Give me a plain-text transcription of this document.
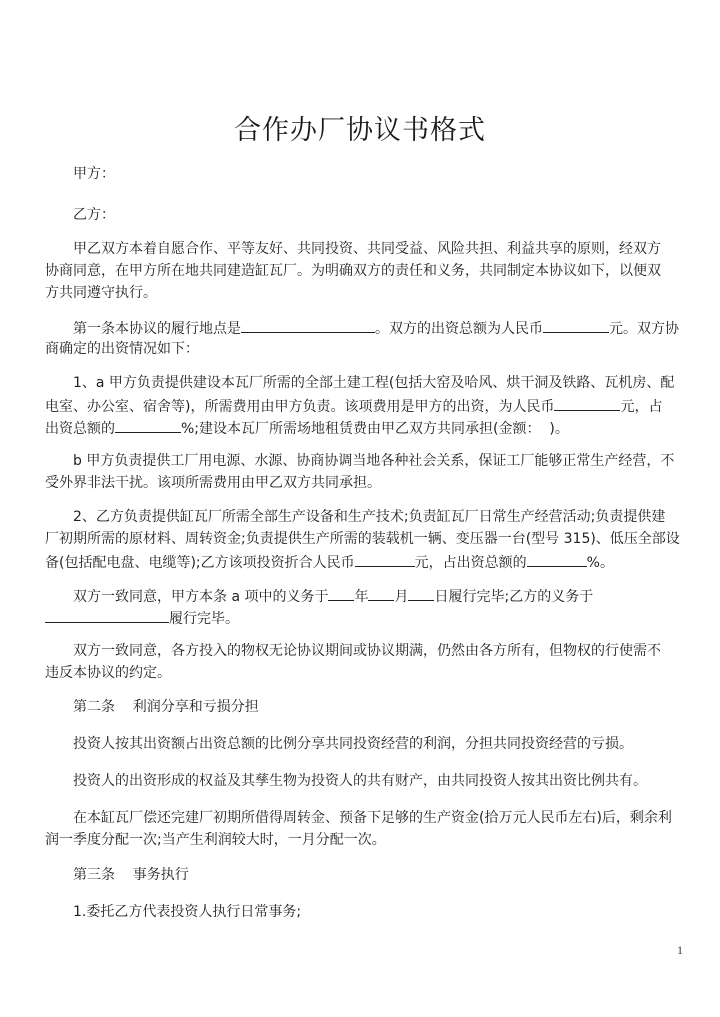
合作办厂协议书格式
甲方：
乙方：
甲乙双方本着自愿合作、平等友好、共同投资、共同受益、风险共担、利益共享的原则，经双方
协商同意，在甲方所在地共同建造缸瓦厂。为明确双方的责任和义务，共同制定本协议如下，以便双
方共同遵守执行。
第一条本协议的履行地点是	。双方的出资总额为人民币	元。双方协
商确定的出资情况如下：
1、a 甲方负责提供建设本瓦厂所需的全部土建工程(包括大窑及哈风、烘干洞及铁路、瓦机房、配
电室、办公室、宿舍等)，所需费用由甲方负责。该项费用是甲方的出资，为人民币	元，占
出资总额的	%;建设本瓦厂所需场地租赁费由甲乙双方共同承担(金额：  )。
b 甲方负责提供工厂用电源、水源、协商协调当地各种社会关系，保证工厂能够正常生产经营，不
受外界非法干扰。该项所需费用由甲乙双方共同承担。
2、乙方负责提供缸瓦厂所需全部生产设备和生产技术;负责缸瓦厂日常生产经营活动;负责提供建
厂初期所需的原材料、周转资金;负责提供生产所需的装载机一辆、变压器一台(型号 315)、低压全部设
备(包括配电盘、电缆等);乙方该项投资折合人民币	元，占出资总额的	%。
双方一致同意，甲方本条 a 项中的义务于 年 月 日履行完毕;乙方的义务于
履行完毕。
双方一致同意，各方投入的物权无论协议期间或协议期满，仍然由各方所有，但物权的行使需不
违反本协议的约定。
第二条    利润分享和亏损分担
投资人按其出资额占出资总额的比例分享共同投资经营的利润，分担共同投资经营的亏损。
投资人的出资形成的权益及其孳生物为投资人的共有财产，由共同投资人按其出资比例共有。
在本缸瓦厂偿还完建厂初期所借得周转金、预备下足够的生产资金(拾万元人民币左右)后，剩余利
润一季度分配一次;当产生利润较大时，一月分配一次。
第三条    事务执行
1.委托乙方代表投资人执行日常事务;
1
